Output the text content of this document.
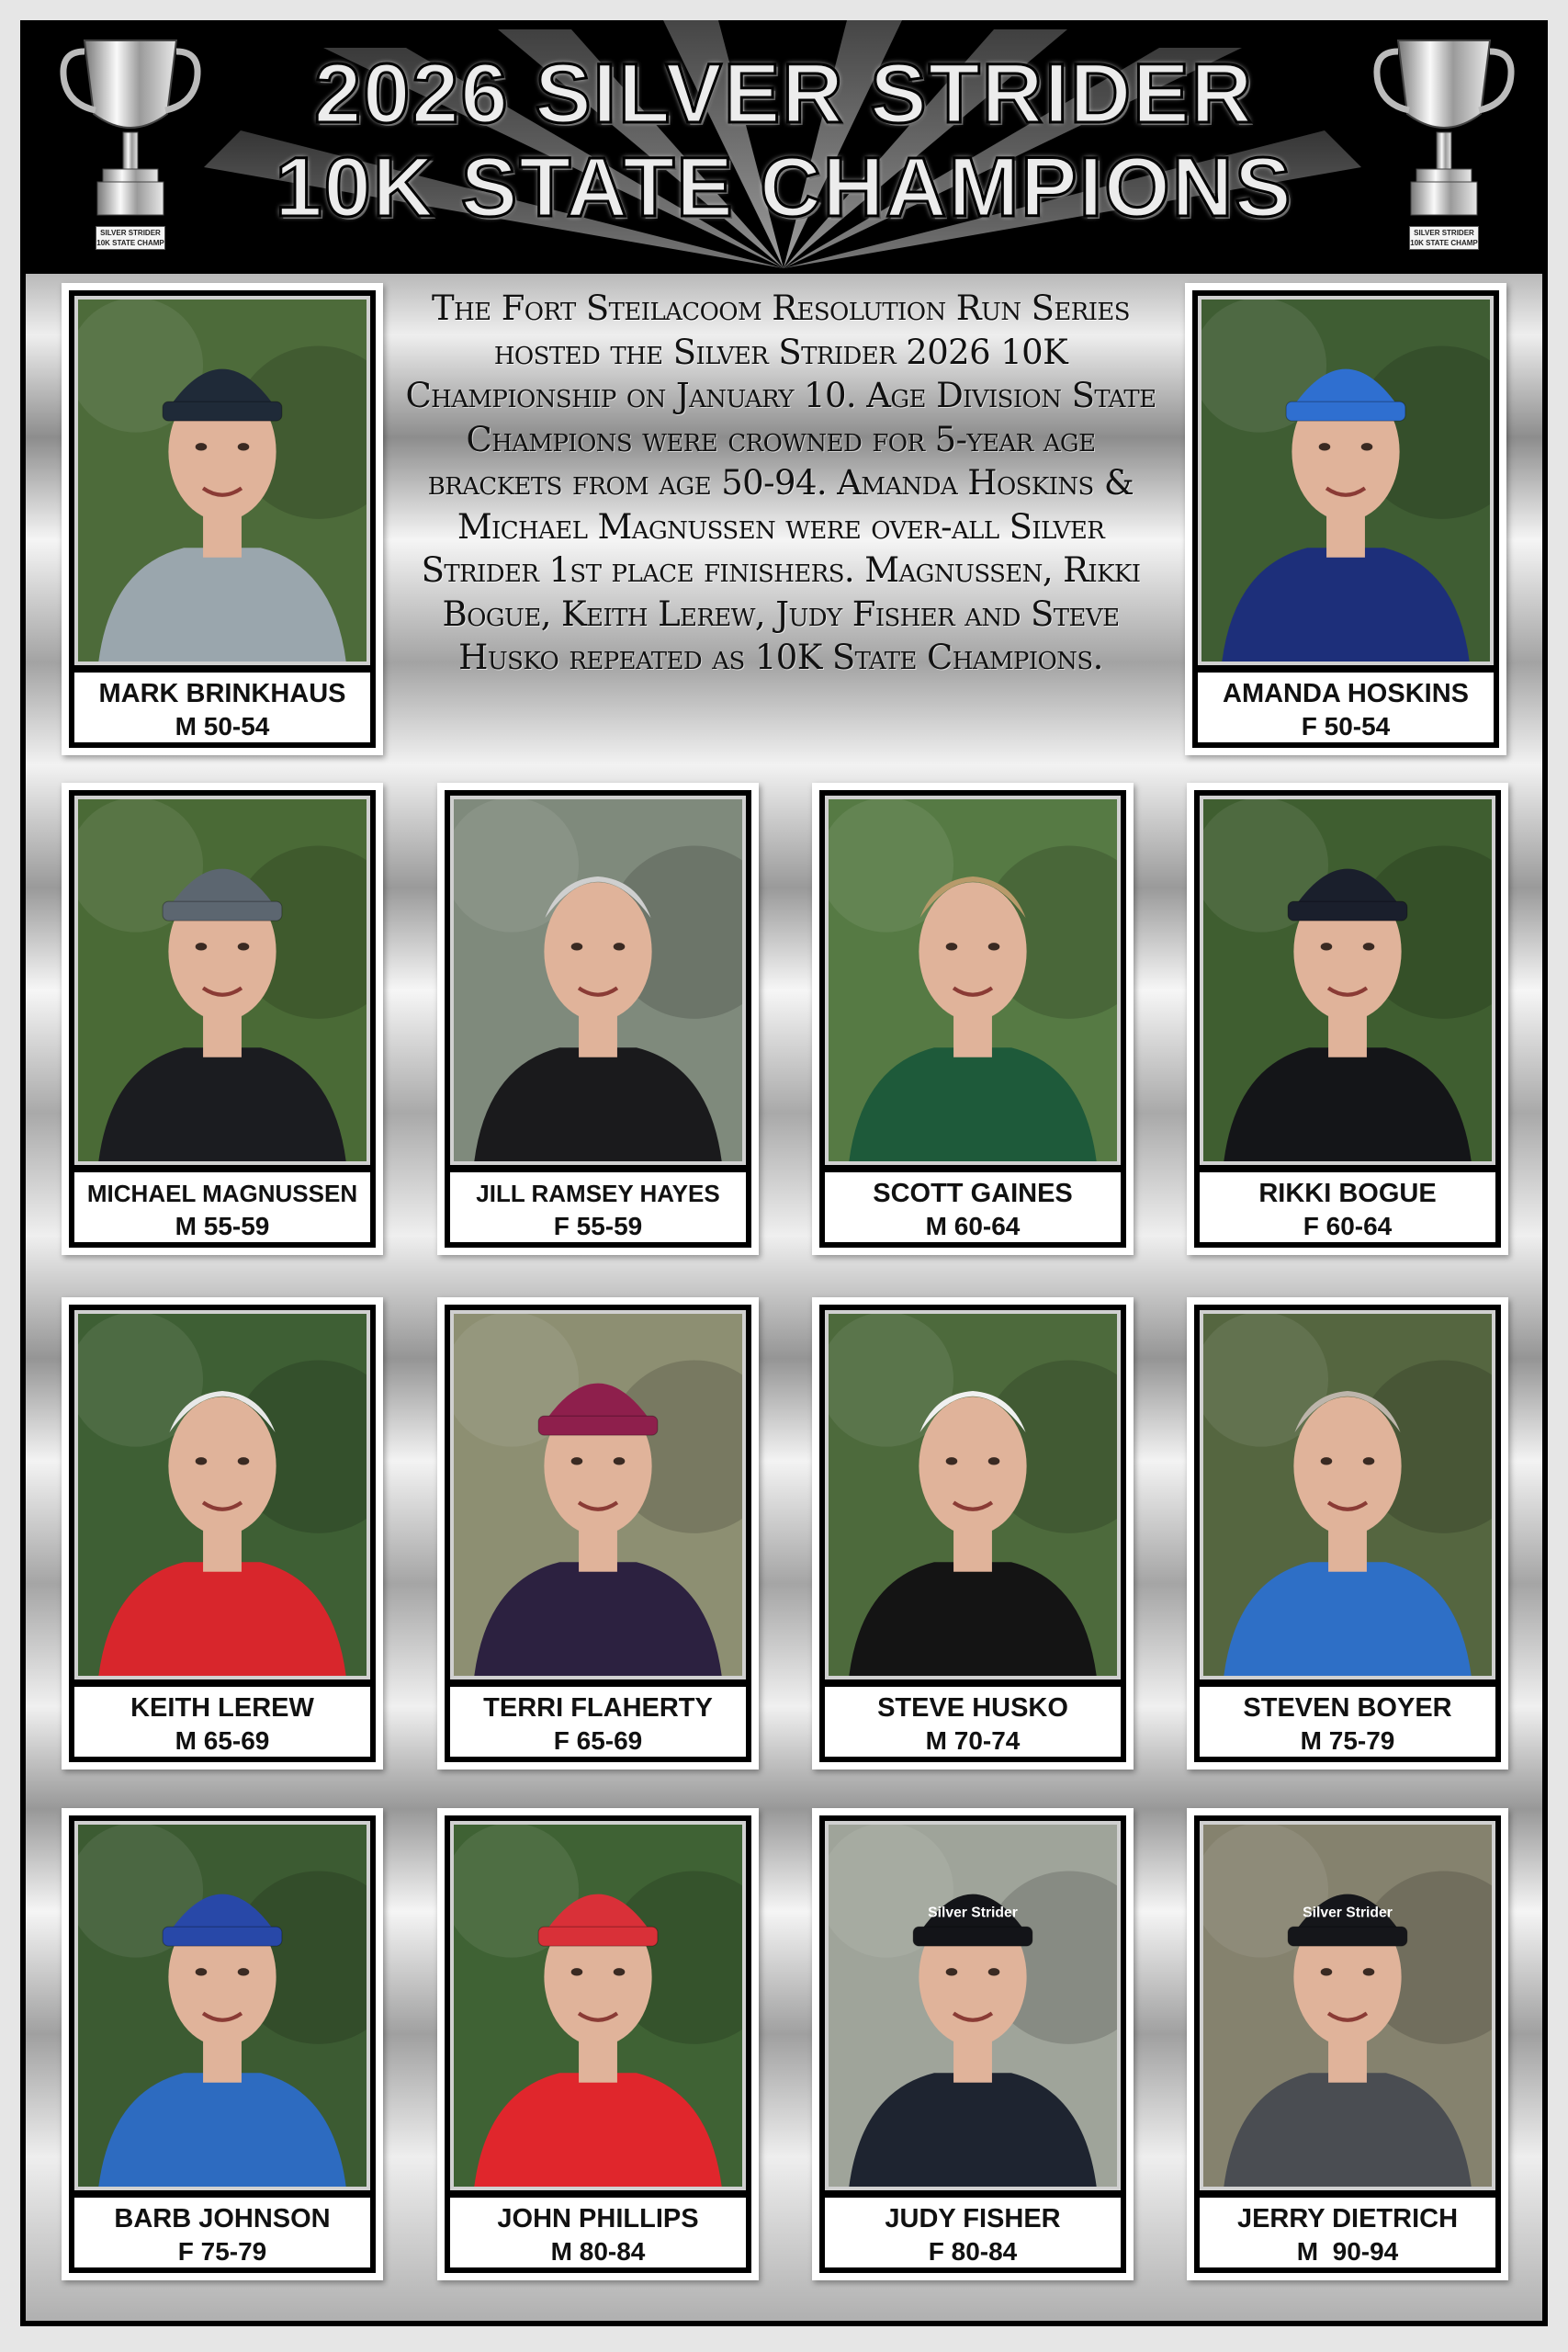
SILVER STRIDER
10K STATE CHAMP
SILVER STRIDER
10K STATE CHAMP
2026 SILVER STRIDER
10K STATE CHAMPIONS
The Fort Steilacoom Resolution Run Series hosted the Silver Strider 2026 10K Championship on January 10. Age Division State Champions were crowned for 5-year age brackets from age 50-94. Amanda Hoskins & Michael Magnussen were over-all Silver Strider 1st place finishers. Magnussen, Rikki Bogue, Keith Lerew, Judy Fisher and Steve Husko repeated as 10K State Champions.
MARK BRINKHAUS
M 50-54
AMANDA HOSKINS
F 50-54
MICHAEL MAGNUSSEN
M 55-59
JILL RAMSEY HAYES
F 55-59
SCOTT GAINES
M 60-64
RIKKI BOGUE
F 60-64
KEITH LEREW
M 65-69
TERRI FLAHERTY
F 65-69
STEVE HUSKO
M 70-74
STEVEN BOYER
M 75-79
BARB JOHNSON
F 75-79
JOHN PHILLIPS
M 80-84
Silver Strider
JUDY FISHER
F 80-84
Silver Strider
JERRY DIETRICH
M  90-94
